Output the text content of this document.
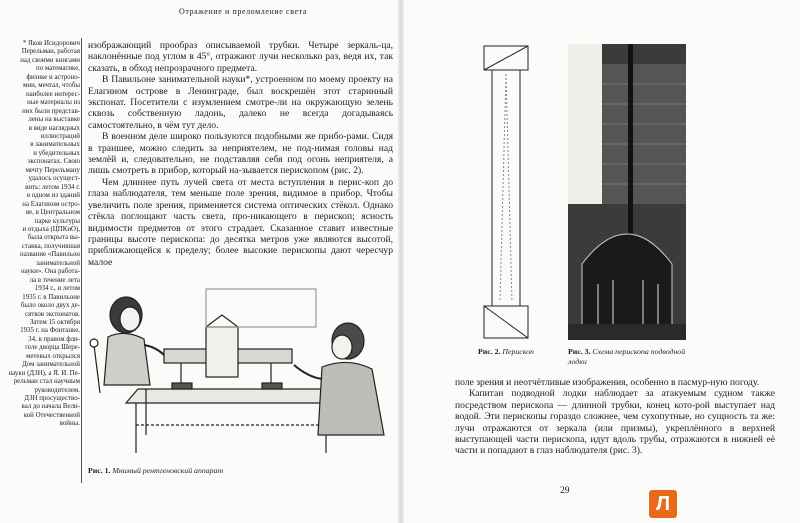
Отражение и преломление света

* Яков Исидорович

Перельман, работая

над своими книгами

по математике,

физике и астроно-

мии, мечтал, чтобы

наиболее интерес-

ные материалы из

них были представ-

лены на выставке

в виде наглядных

иллюстраций

в занимательных

и убедительных

экспонатах. Свою

мечту Перельману

удалось осущест-

вить: летом 1934 г.

в одном из зданий

на Елагином остро-

ве, в Центральном

парке культуры

и отдыха (ЦПКиО),

была открыта вы-

ставка, получившая

название «Павильон

занимательной

науки». Она работа-

ла в течение лета

1934 г., и летом

1935 г. в Павильоне

было около двух де-

сятков экспонатов.

Затем 15 октября

1935 г. на Фонтанке,

34, в правом фли-

геле дворца Шере-

метевых открылся

Дом занимательной

науки (ДЗН), а Я. И. Пе-

рельман стал научным

руководителем.

ДЗН просущество-

вал до начала Вели-

кой Отечественной

войны.

изображающий прообраз описываемой трубки. Четыре зеркаль-ца, наклонённые под углом в 45°, отражают лучи несколько раз, ведя их, так сказать, в обход непрозрачного предмета.

В Павильоне занимательной науки*, устроенном по моему проекту на Елагином острове в Ленинграде, был воскрешён этот старинный экспонат. Посетители с изумлением смотре-ли на окружающую зелень сквозь собственную ладонь, далеко не всегда догадываясь самостоятельно, в чём тут дело.

В военном деле широко пользуются подобными же прибо-рами. Сидя в траншее, можно следить за неприятелем, не под-нимая головы над землёй и, следовательно, не подставляя себя под огонь неприятеля, а лишь смотреть в прибор, который на-зывается перископом (рис. 2).

Чем длиннее путь лучей света от места вступления в перис-коп до глаза наблюдателя, тем меньше поле зрения, видимое в прибор. Чтобы увеличить поле зрения, применяется система оптических стёкол. Однако стёкла поглощают часть света, про-никающего в перископ; ясность видимости предметов от этого страдает. Сказанное ставит известные границы высоте перископа: до десятка метров уже являются высотой, приближающейся к пределу; более высокие перископы дают чересчур малое

Рис. 1. Мнимый рентгеновский аппарат
Рис. 2. Перископ	Рис. 3. Схема перископа подводной лодки

поле зрения и неотчётливые изображения, особенно в пасмур-ную погоду.

Капитан подводной лодки наблюдает за атакуемым судном также посредством перископа — длинной трубки, конец кото-рой выступает над водой. Эти перископы гораздо сложнее, чем сухопутные, но сущность та же: лучи отражаются от зеркала (или призмы), укреплённого в верхней выступающей части перископа, идут вдоль трубы, отражаются в нижней её части и попадают в глаз наблюдателя (рис. 3).

29
Л
